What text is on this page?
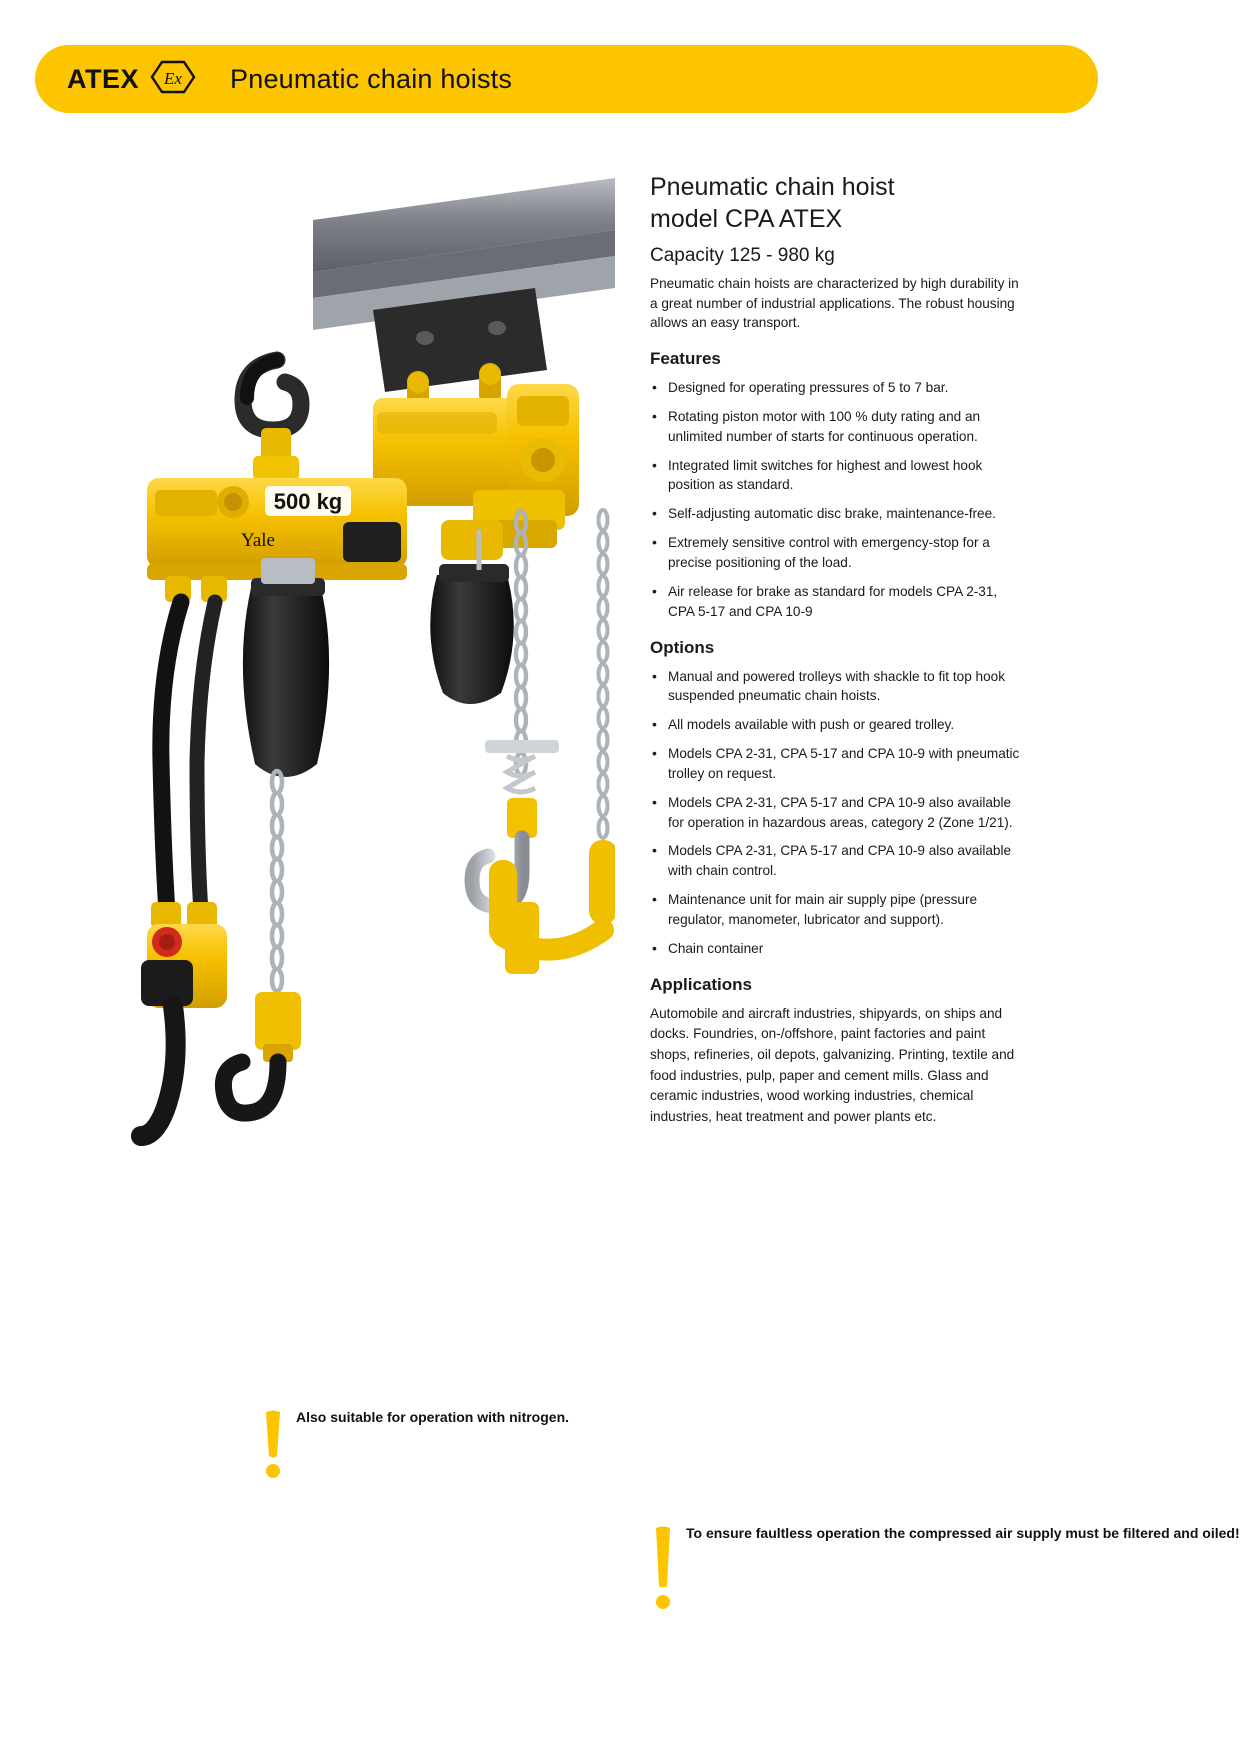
ATEX Ex Pneumatic chain hoists
500 kg
Yale
Pneumatic chain hoist
model CPA ATEX
Capacity 125 - 980 kg

Pneumatic chain hoists are characterized by high durability in a great number of industrial applications. The robust housing allows an easy transport.

Features
• Designed for operating pressures of 5 to 7 bar.
• Rotating piston motor with 100 % duty rating and an unlimited number of starts for continuous operation.
• Integrated limit switches for highest and lowest hook position as standard.
• Self-adjusting automatic disc brake, maintenance-free.
• Extremely sensitive control with emergency-stop for a precise positioning of the load.
• Air release for brake as standard for models CPA 2-31, CPA 5-17 and CPA 10-9
Options
• Manual and powered trolleys with shackle to fit top hook suspended pneumatic chain hoists.
• All models available with push or geared trolley.
• Models CPA 2-31, CPA 5-17 and CPA 10-9 with pneumatic trolley on request.
• Models CPA 2-31, CPA 5-17 and CPA 10-9 also available for operation in hazardous areas, category 2 (Zone 1/21).
• Models CPA 2-31, CPA 5-17 and CPA 10-9 also available with chain control.
• Maintenance unit for main air supply pipe (pressure regulator, manometer, lubricator and support).
• Chain container
Applications

Automobile and aircraft industries, shipyards, on ships and docks. Foundries, on-/offshore, paint factories and paint shops, refineries, oil depots, galvanizing. Printing, textile and food industries, pulp, paper and cement mills. Glass and ceramic industries, wood working industries, chemical industries, heat treatment and power plants etc.

Also suitable for operation with nitrogen.
To ensure faultless operation the compressed air supply must be filtered and oiled!
